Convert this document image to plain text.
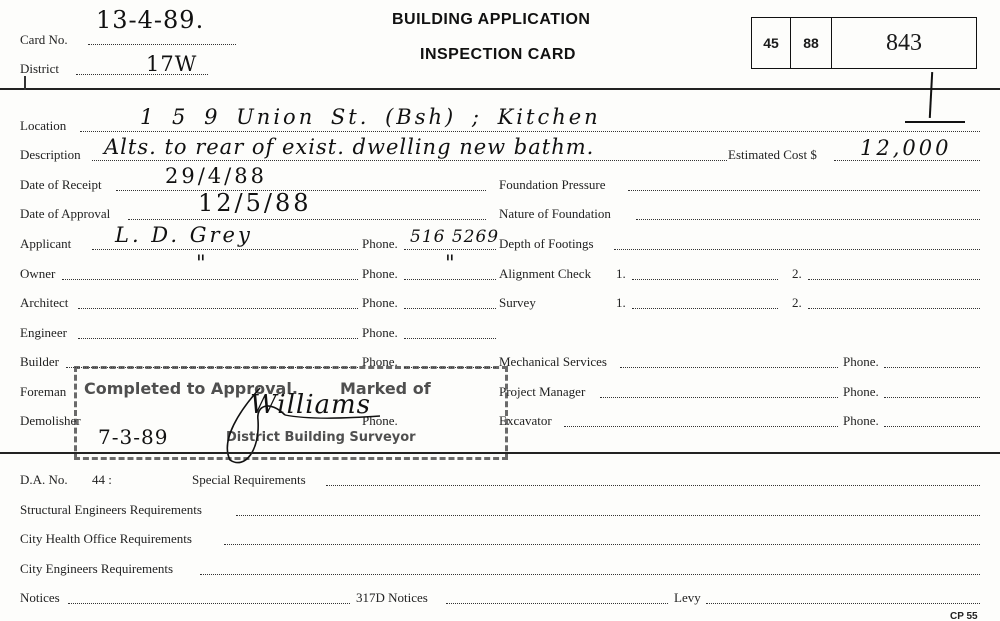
Card No.
13-4-89.
District	17W
BUILDING APPLICATION
INSPECTION CARD
45	88	843
Location	1 5 9 Union St. (Bsh) ; Kitchen
Description Alts. to rear of exist. dwelling new bathm.	Estimated Cost $ 12,000
Date of Receipt	29/4/88
Date of Approval	12/5/88
Applicant L. D. Grey	Phone. 516 5269
Owner	"	Phone. "
Architect	Phone.
Engineer	Phone.
Builder	Phone.
Foreman
Demolisher	Phone.
Foundation Pressure
Nature of Foundation
Depth of Footings
Alignment Check 1.	2.
Survey	1.	2.
Mechanical Services	Phone.
Project Manager	Phone.
Excavator	Phone.
Completed to Approval.	Marked of
7-3-89	District Building Surveyor
Williams
D.A. No. 44 :	Special Requirements
Structural Engineers Requirements
City Health Office Requirements
City Engineers Requirements
Notices	317D Notices	Levy
CP 55
